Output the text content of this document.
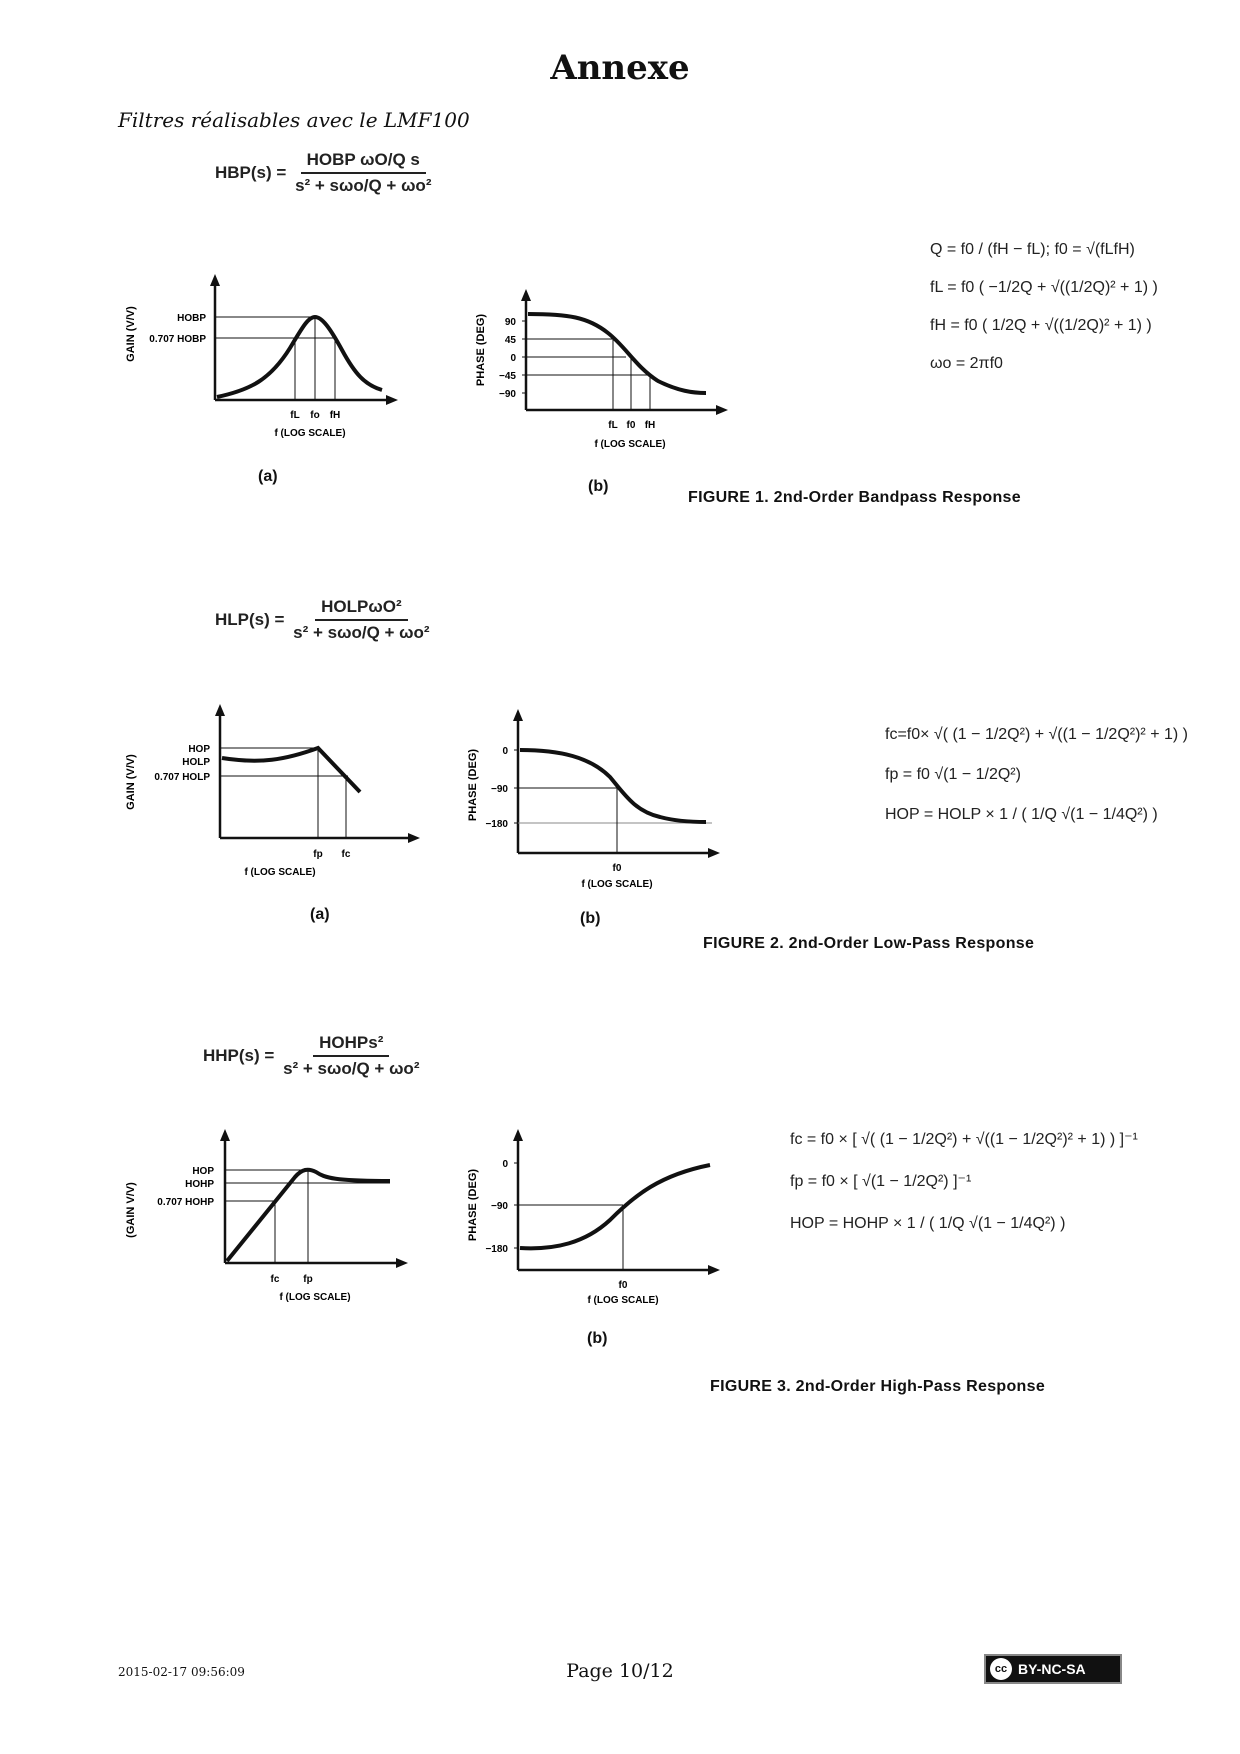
Annexe
Filtres réalisables avec le LMF100
$HBP(s) = \frac{\text{HOBP ωO/Q s}}{\text{s² + sωo/Q + ωo²}}$
GAIN (V/V)	HOBP
0.707 HOBP
fL fo fH
f (LOG SCALE)
(a)
PHASE (DEG) 90
45
0
−45
−90
fL f0 fH
f (LOG SCALE)
(b)
Q = f0 / (fH − fL); f0 = √(fLfH)
fL = f0 ( −1/2Q + √((1/2Q)² + 1) )
fH = f0 ( 1/2Q + √((1/2Q)² + 1) )
ωo = 2πf0
FIGURE 1. 2nd-Order Bandpass Response
$HLP(s) = \frac{\text{HOLPωO²}}{\text{s² + sωo/Q + ωo²}}$
GAIN (V/V)
HOP
HOLP
0.707 HOLP
fp fc
f (LOG SCALE)
(a)
PHASE (DEG) 0
−90
−180
f0
f (LOG SCALE)
(b)
fc=f0× √( (1 − 1/2Q²) + √((1 − 1/2Q²)² + 1) )
fp = f0 √(1 − 1/2Q²)
HOP = HOLP × 1 / ( 1/Q √(1 − 1/4Q²) )
FIGURE 2. 2nd-Order Low-Pass Response
$HHP(s) = \frac{\text{HOHPs²}}{\text{s² + sωo/Q + ωo²}}$
(GAIN V/V)
HOP
HOHP
0.707 HOHP
fc fp
f (LOG SCALE)
PHASE (DEG)
0
−90
−180
f0
f (LOG SCALE)
(b)
fc = f0 × [ √( (1 − 1/2Q²) + √((1 − 1/2Q²)² + 1) ) ]⁻¹
fp = f0 × [ √(1 − 1/2Q²) ]⁻¹
HOP = HOHP × 1 / ( 1/Q √(1 − 1/4Q²) )
FIGURE 3. 2nd-Order High-Pass Response
2015-02-17 09:56:09	Page 10/12	cc BY-NC-SA
